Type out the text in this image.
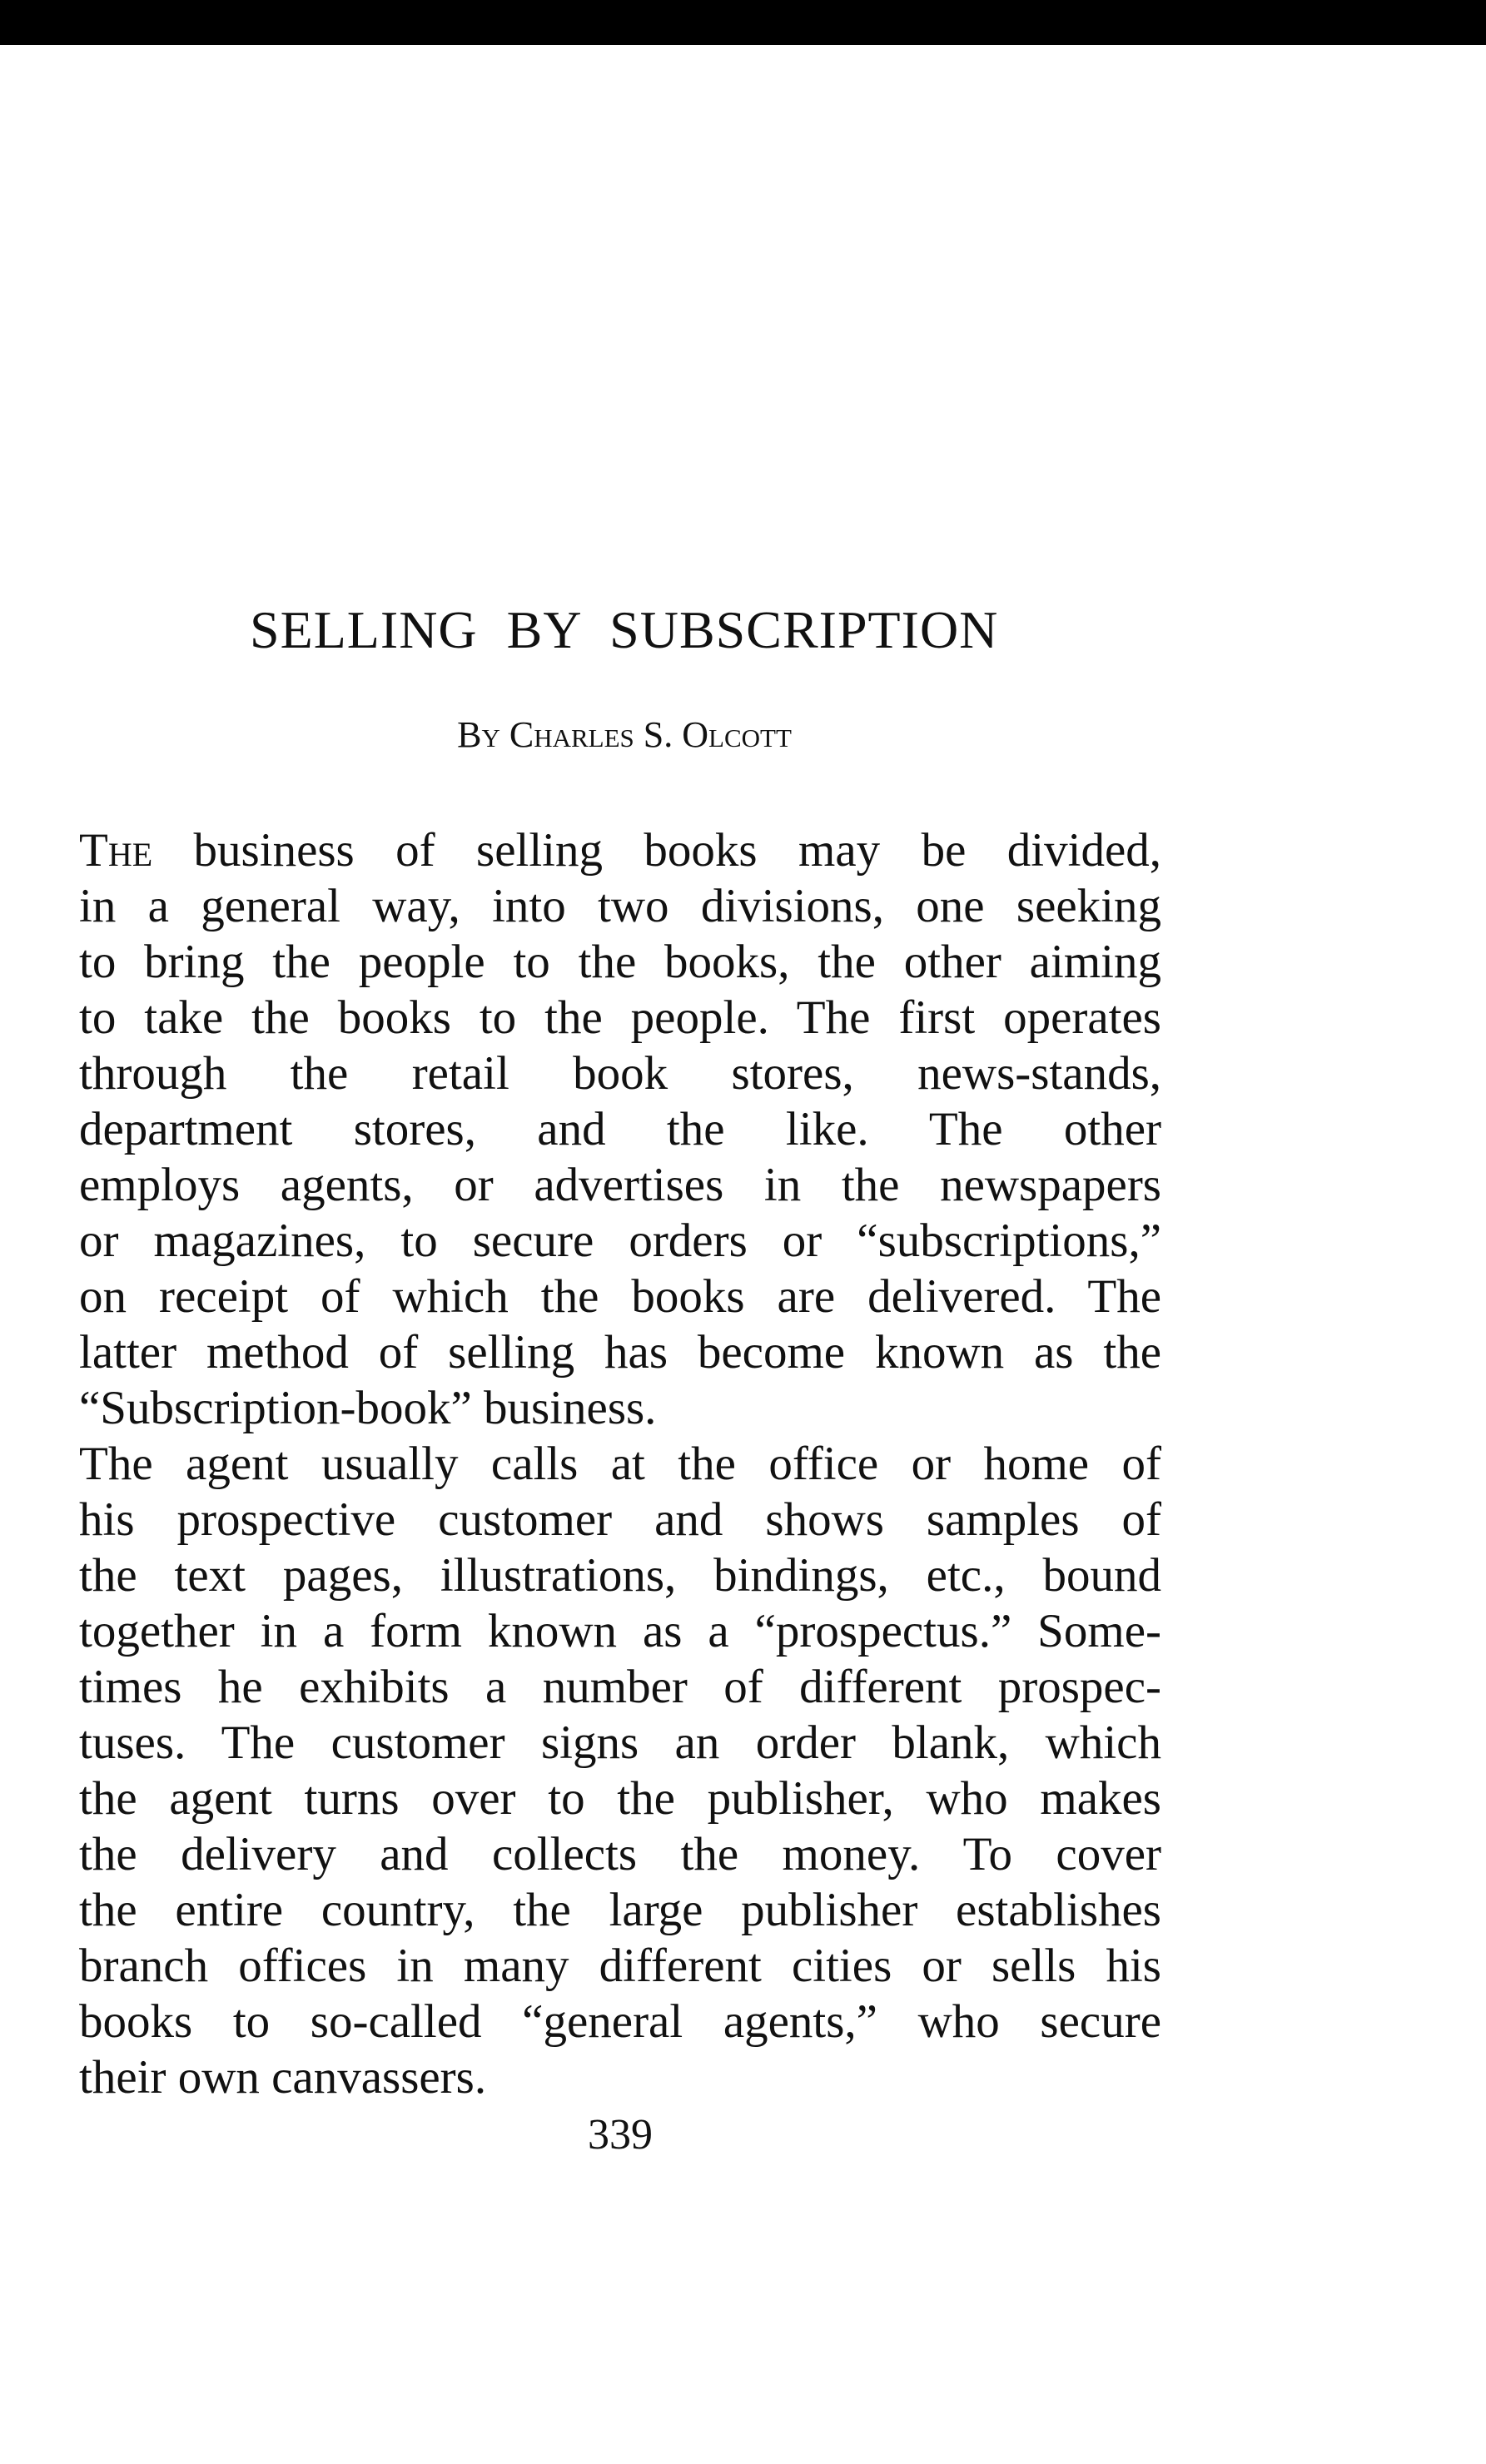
SELLING BY SUBSCRIPTION
By Charles S. Olcott
The business of selling books may be divided,
in a general way, into two divisions, one seeking
to bring the people to the books, the other aiming
to take the books to the people. The first operates
through the retail book stores, news-stands,
department stores, and the like. The other
employs agents, or advertises in the newspapers
or magazines, to secure orders or “subscriptions,”
on receipt of which the books are delivered. The
latter method of selling has become known as the
“Subscription-book” business.
The agent usually calls at the office or home of
his prospective customer and shows samples of
the text pages, illustrations, bindings, etc., bound
together in a form known as a “prospectus.” Some-
times he exhibits a number of different prospec-
tuses. The customer signs an order blank, which
the agent turns over to the publisher, who makes
the delivery and collects the money. To cover
the entire country, the large publisher establishes
branch offices in many different cities or sells his
books to so-called “general agents,” who secure
their own canvassers.
339
